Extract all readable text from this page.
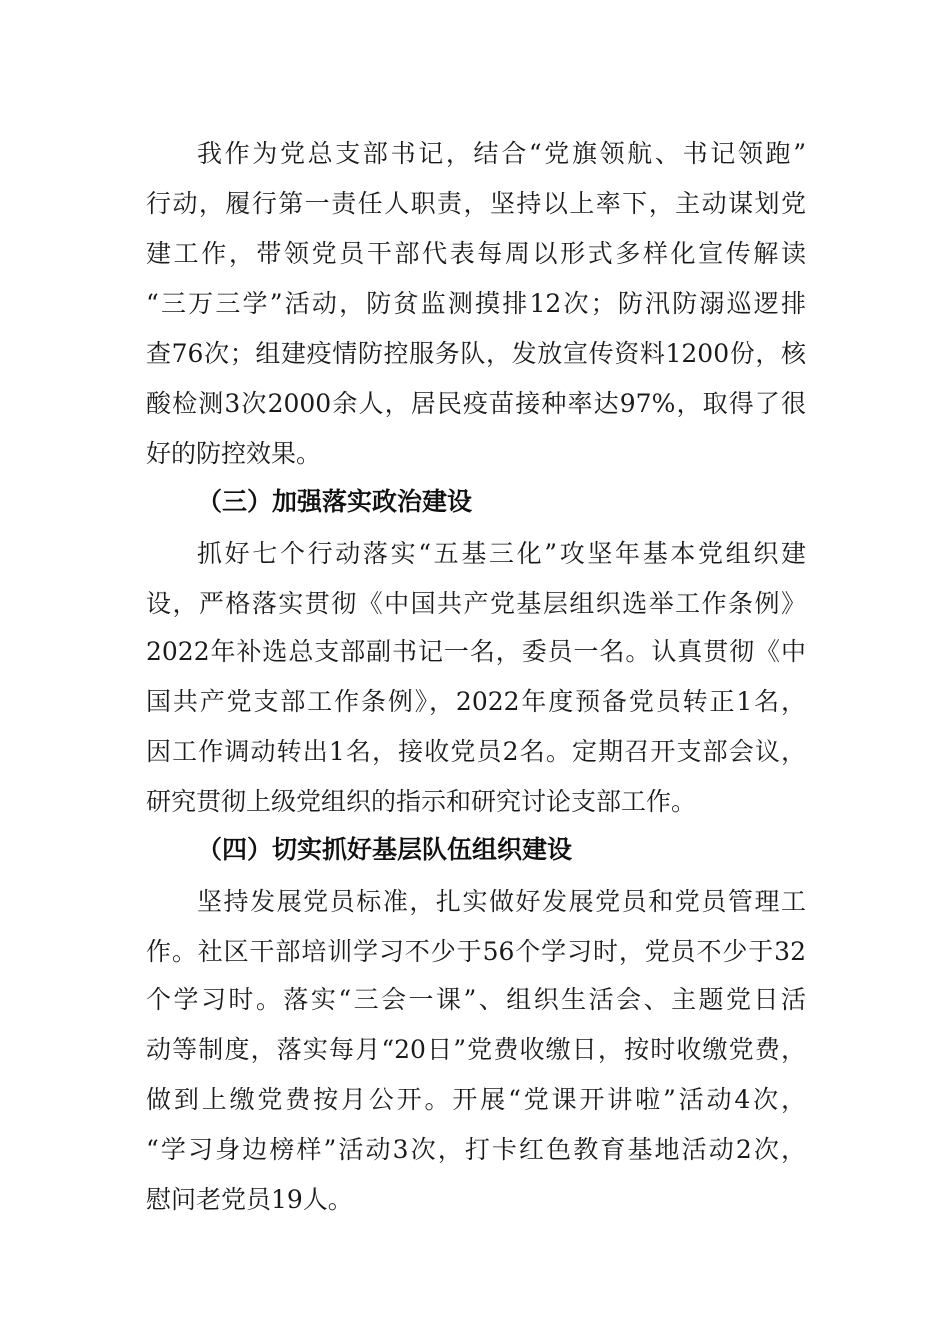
我作为党总支部书记，结合“党旗领航、书记领跑”
行动，履行第一责任人职责，坚持以上率下，主动谋划党
建工作，带领党员干部代表每周以形式多样化宣传解读
“三万三学”活动，防贫监测摸排12次；防汛防溺巡逻排
查76次；组建疫情防控服务队，发放宣传资料1200份，核
酸检测3次2000余人，居民疫苗接种率达97%，取得了很
好的防控效果。
（三）加强落实政治建设
抓好七个行动落实“五基三化”攻坚年基本党组织建
设，严格落实贯彻《中国共产党基层组织选举工作条例》
2022年补选总支部副书记一名，委员一名。认真贯彻《中
国共产党支部工作条例》，2022年度预备党员转正1名，
因工作调动转出1名，接收党员2名。定期召开支部会议，
研究贯彻上级党组织的指示和研究讨论支部工作。
（四）切实抓好基层队伍组织建设
坚持发展党员标准，扎实做好发展党员和党员管理工
作。社区干部培训学习不少于56个学习时，党员不少于32
个学习时。落实“三会一课”、组织生活会、主题党日活
动等制度，落实每月“20日”党费收缴日，按时收缴党费，
做到上缴党费按月公开。开展“党课开讲啦”活动4次，
“学习身边榜样”活动3次，打卡红色教育基地活动2次，
慰问老党员19人。
